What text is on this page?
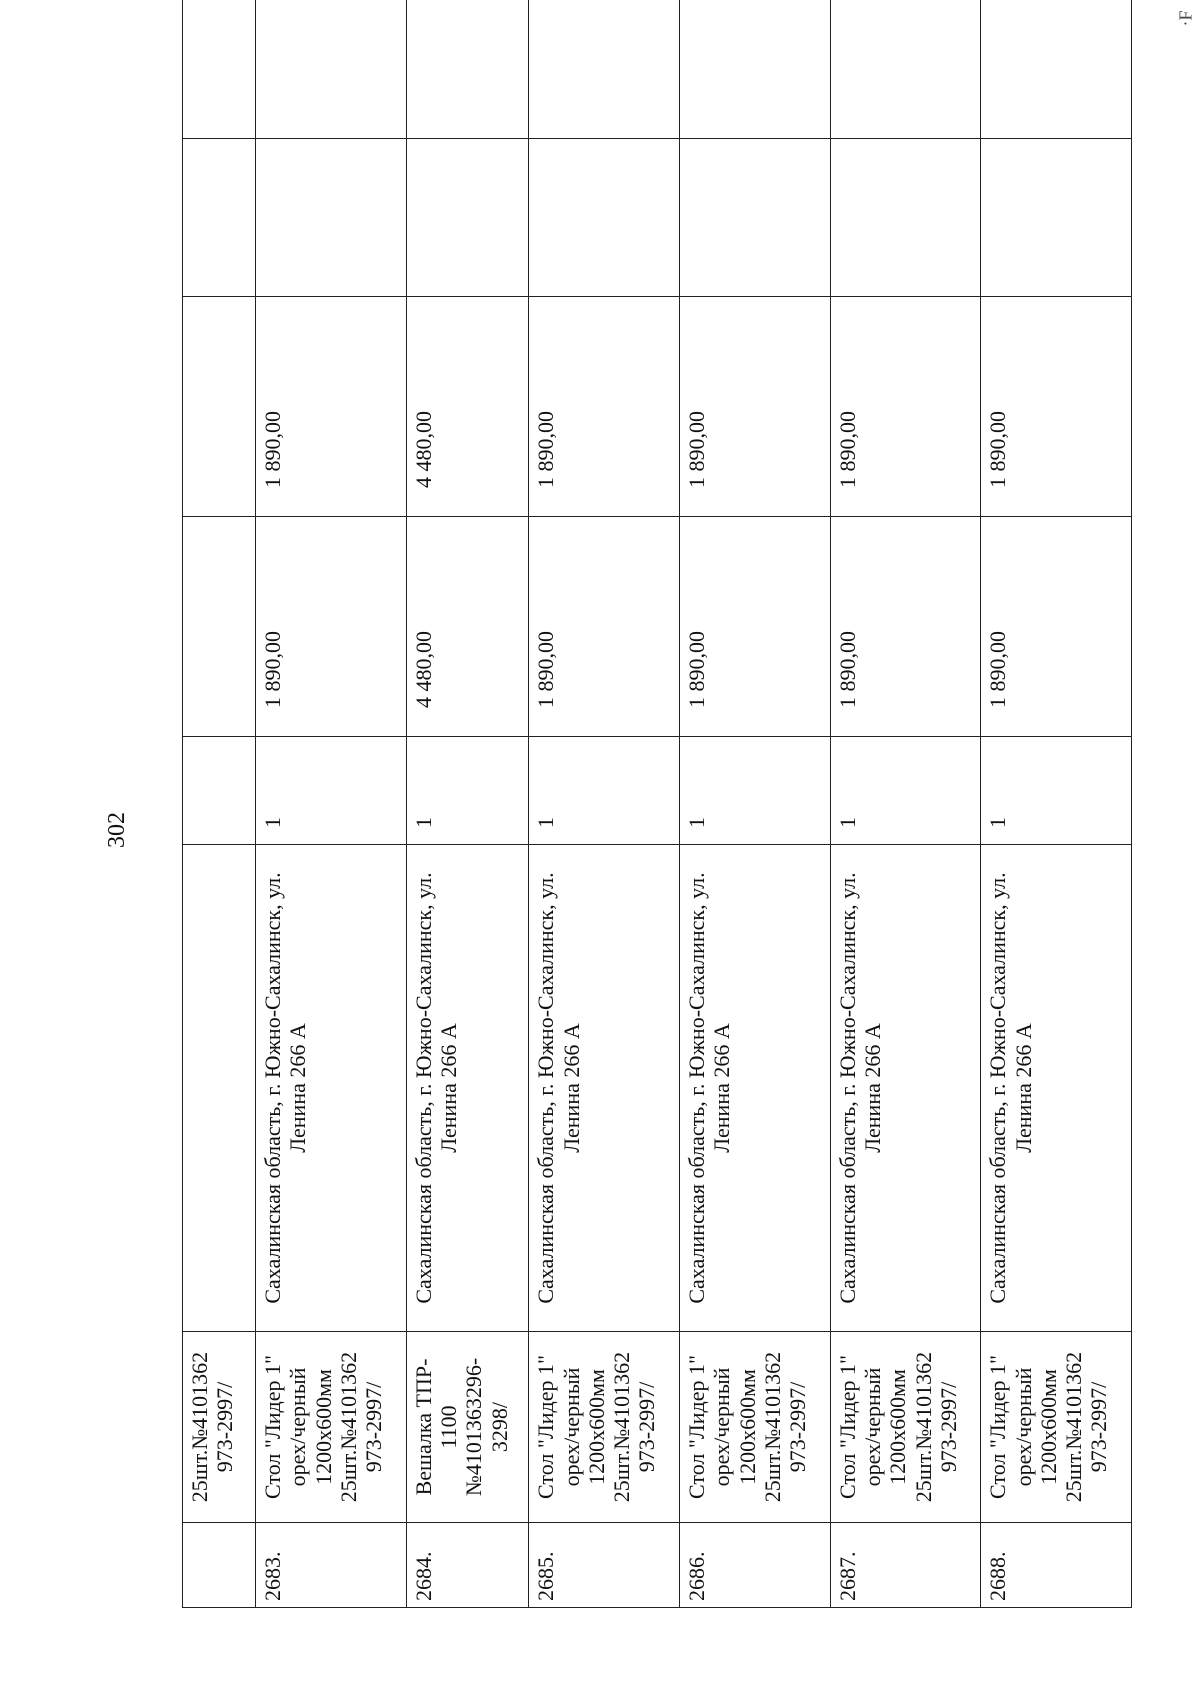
302
·F

	25шт.№4101362 973-2997/						

2683.	Стол "Лидер 1" орех/черный 1200х600мм 25шт.№4101362 973-2997/	Сахалинская область, г. Южно-Сахалинск, ул. Ленина 266 А	1	1 890,00	1 890,00		
2684.	Вешалка ТПР- 1100 №4101363296- 3298/	Сахалинская область, г. Южно-Сахалинск, ул. Ленина 266 А	1	4 480,00	4 480,00		
2685.	Стол "Лидер 1" орех/черный 1200х600мм 25шт.№4101362 973-2997/	Сахалинская область, г. Южно-Сахалинск, ул. Ленина 266 А	1	1 890,00	1 890,00		
2686.	Стол "Лидер 1" орех/черный 1200х600мм 25шт.№4101362 973-2997/	Сахалинская область, г. Южно-Сахалинск, ул. Ленина 266 А	1	1 890,00	1 890,00		
2687.	Стол "Лидер 1" орех/черный 1200х600мм 25шт.№4101362 973-2997/	Сахалинская область, г. Южно-Сахалинск, ул. Ленина 266 А	1	1 890,00	1 890,00		
2688.	Стол "Лидер 1" орех/черный 1200х600мм 25шт.№4101362 973-2997/	Сахалинская область, г. Южно-Сахалинск, ул. Ленина 266 А	1	1 890,00	1 890,00		
